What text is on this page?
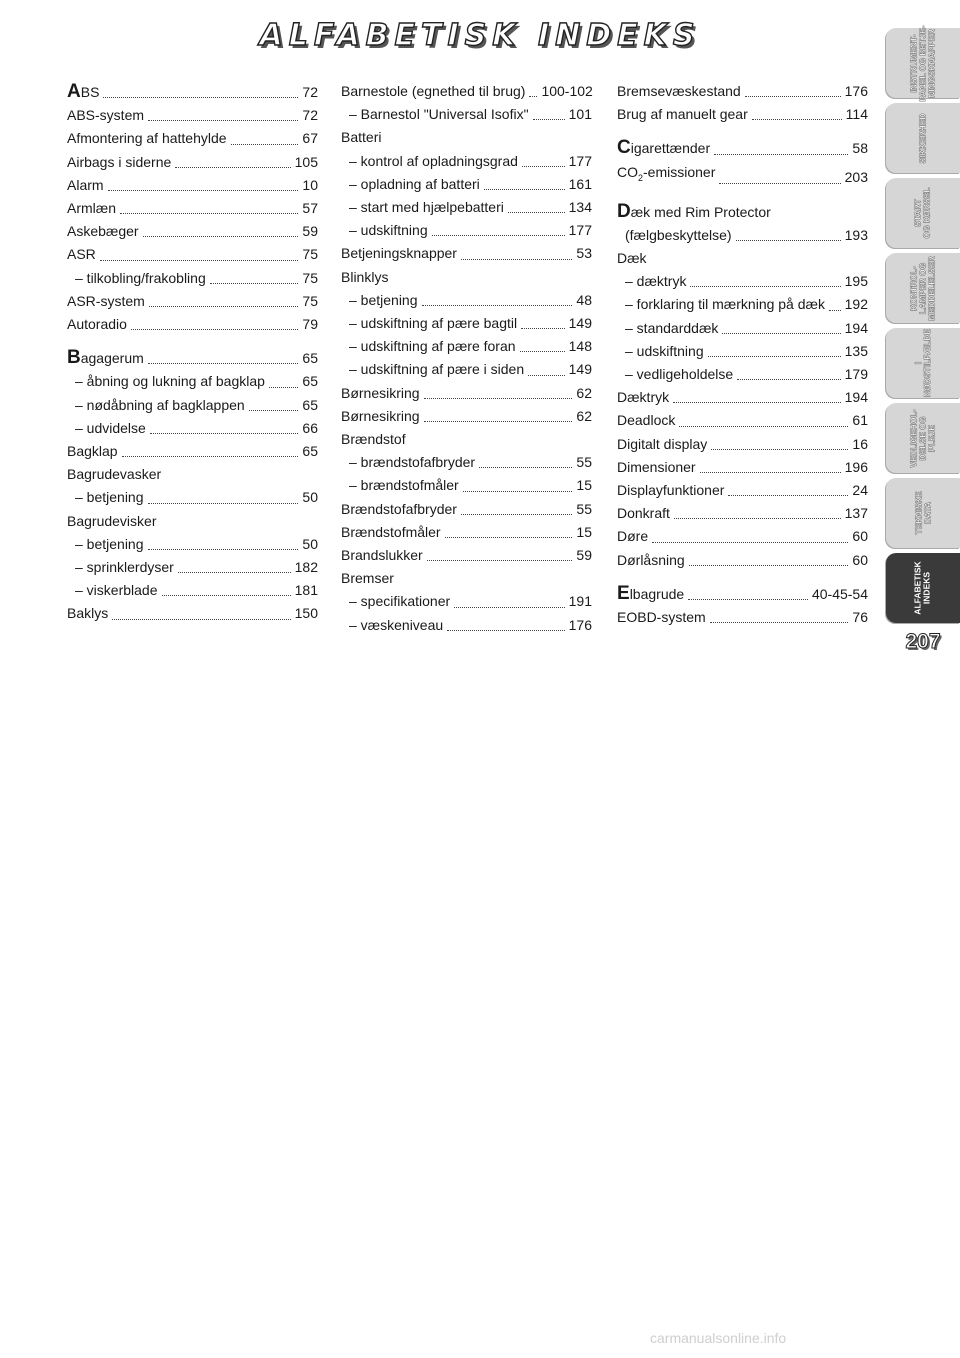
ALFABETISK INDEKS
ABS	72
ABS-system	72
Afmontering af hattehylde	67
Airbags i siderne	105
Alarm	10
Armlæn	57
Askebæger	59
ASR	75
– tilkobling/frakobling	75
ASR-system	75
Autoradio	79
Bagagerum	65
– åbning og lukning af bagklap	65
– nødåbning af bagklappen	65
– udvidelse	66
Bagklap	65
Bagrudevasker
– betjening	50
Bagrudevisker
– betjening	50
– sprinklerdyser	182
– viskerblade	181
Baklys	150
Barnestole (egnethed til brug) 100-102
– Barnestol "Universal Isofix"	101
Batteri
– kontrol af opladningsgrad	177
– opladning af batteri	161
– start med hjælpebatteri	134
– udskiftning	177
Betjeningsknapper	53
Blinklys
– betjening	48
– udskiftning af pære bagtil	149
– udskiftning af pære foran	148
– udskiftning af pære i siden	149
Børnesikring	62
Børnesikring	62
Brændstof
– brændstofafbryder	55
– brændstofmåler	15
Brændstofafbryder	55
Brændstofmåler	15
Brandslukker	59
Bremser
– specifikationer	191
– væskeniveau	176
Bremsevæskestand	176
Brug af manuelt gear	114
Cigarettænder	58
$CO_2$-emissioner	203
Dæk med Rim Protector
(fælgbeskyttelse)	193
Dæk
– dæktryk	195
– forklaring til mærkning på dæk 192
– standarddæk	194
– udskiftning	135
– vedligeholdelse	179
Dæktryk	194
Deadlock	61
Digitalt display	16
Dimensioner	196
Displayfunktioner	24
Donkraft	137
Døre	60
Dørlåsning	60
Elbagrude	40-45-54
EOBD-system	76
INSTRUMENT-
PANEL OG BETJE-
NINGSKNAPPER
SIKKERHED
START
OG KØRSEL
KONTROL-
LAMPER OG
MEDDELELSER
I
NØDSTILFÆLDE
VEDLIGEHOL-
DELSE OG
PLEJE
TEKNISKE
DATA
ALFABETISK
INDEKS
207
carmanualsonline.info
